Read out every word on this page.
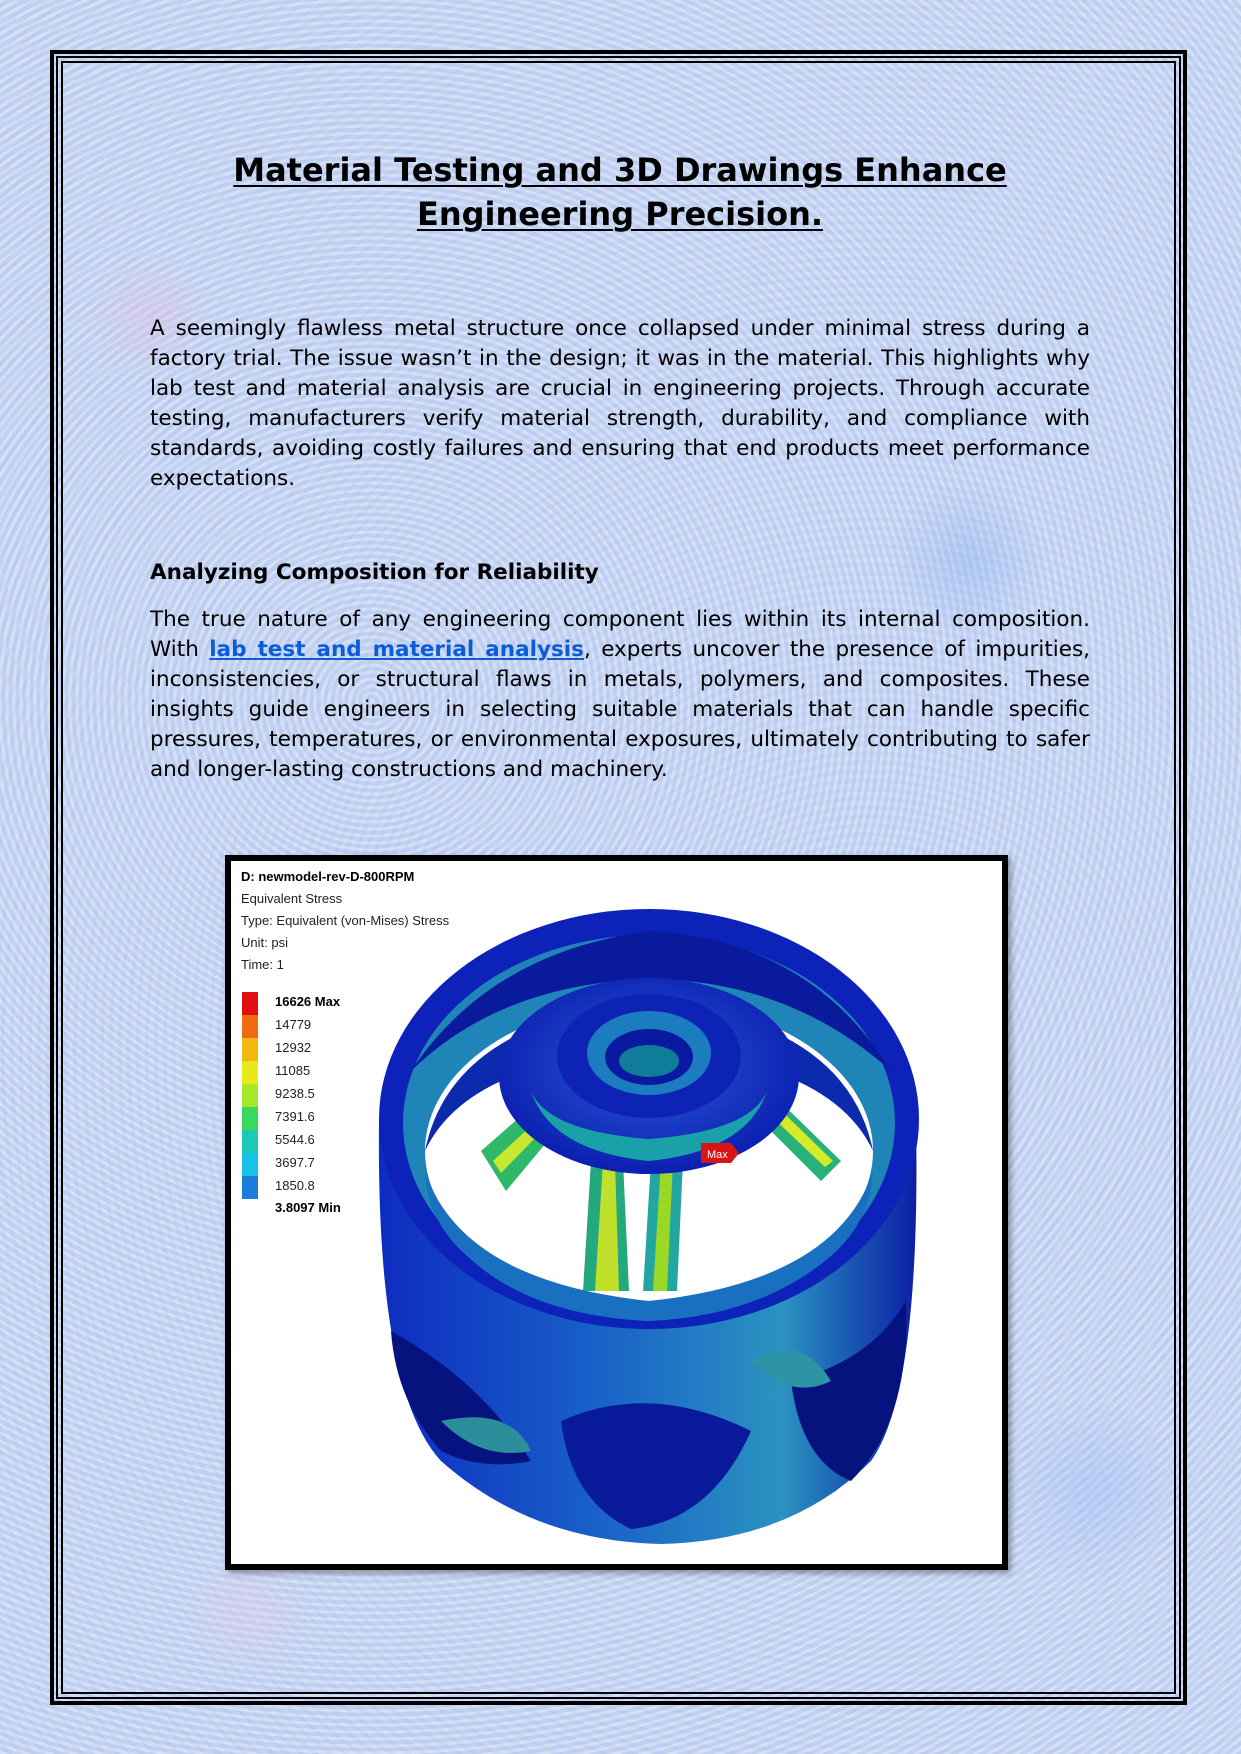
Material Testing and 3D Drawings Enhance Engineering Precision.

A seemingly flawless metal structure once collapsed under minimal stress during a factory trial. The issue wasn’t in the design; it was in the material. This highlights why lab test and material analysis are crucial in engineering projects. Through accurate testing, manufacturers verify material strength, durability, and compliance with standards, avoiding costly failures and ensuring that end products meet performance expectations.

Analyzing Composition for Reliability

The true nature of any engineering component lies within its internal composition. With lab test and material analysis, experts uncover the presence of impurities, inconsistencies, or structural flaws in metals, polymers, and composites. These insights guide engineers in selecting suitable materials that can handle specific pressures, temperatures, or environmental exposures, ultimately contributing to safer and longer-lasting constructions and machinery.

Max
D: newmodel-rev-D-800RPM
Equivalent Stress
Type: Equivalent (von-Mises) Stress
Unit: psi
Time: 1
16626 Max
14779
12932
11085
9238.5
7391.6
5544.6
3697.7
1850.8
3.8097 Min
